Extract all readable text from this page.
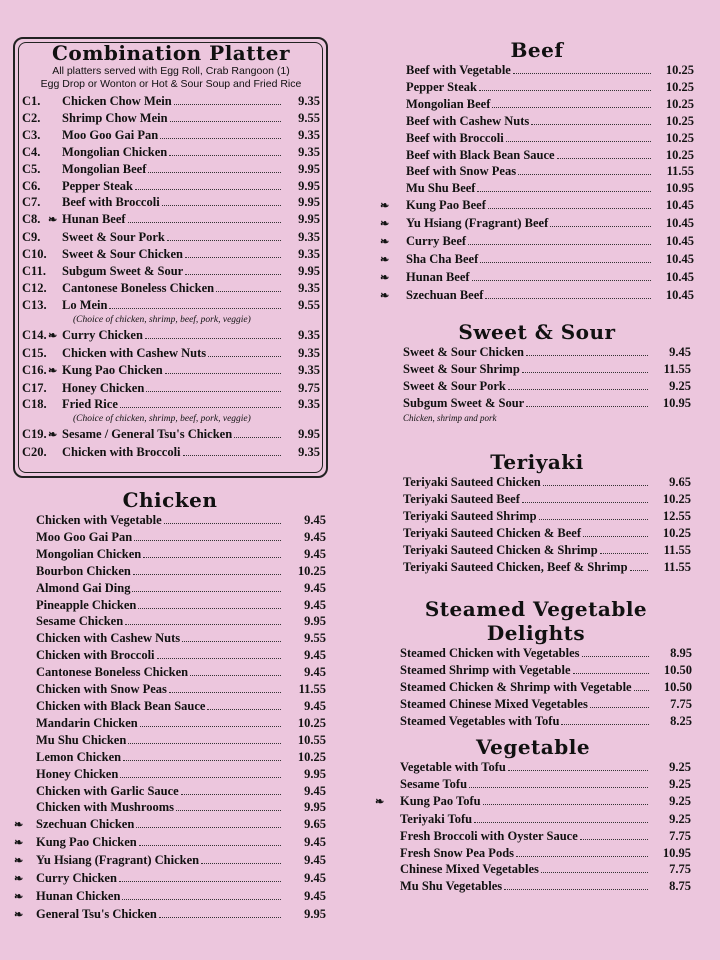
Combination Platter
All platters served with Egg Roll, Crab Rangoon (1)
Egg Drop or Wonton or Hot & Sour Soup and Fried Rice
C1.	Chicken Chow Mein	9.35
C2.	Shrimp Chow Mein	9.55
C3.	Moo Goo Gai Pan	9.35
C4.	Mongolian Chicken	9.35
C5.	Mongolian Beef	9.95
C6.	Pepper Steak	9.95
C7.	Beef with Broccoli	9.95
C8. ❧ Hunan Beef	9.95
C9.	Sweet & Sour Pork	9.35
C10.	Sweet & Sour Chicken	9.35
C11.	Subgum Sweet & Sour	9.95
C12.	Cantonese Boneless Chicken	9.35
C13.	Lo Mein	9.55
(Choice of chicken, shrimp, beef, pork, veggie)
C14. ❧ Curry Chicken	9.35
C15.	Chicken with Cashew Nuts	9.35
C16. ❧ Kung Pao Chicken	9.35
C17.	Honey Chicken	9.75
C18.	Fried Rice	9.35
(Choice of chicken, shrimp, beef, pork, veggie)
C19. ❧ Sesame / General Tsu's Chicken	9.95
C20.	Chicken with Broccoli	9.35
Chicken
Chicken with Vegetable	9.45
Moo Goo Gai Pan	9.45
Mongolian Chicken	9.45
Bourbon Chicken	10.25
Almond Gai Ding	9.45
Pineapple Chicken	9.45
Sesame Chicken	9.95
Chicken with Cashew Nuts	9.55
Chicken with Broccoli	9.45
Cantonese Boneless Chicken	9.45
Chicken with Snow Peas	11.55
Chicken with Black Bean Sauce	9.45
Mandarin Chicken	10.25
Mu Shu Chicken	10.55
Lemon Chicken	10.25
Honey Chicken	9.95
Chicken with Garlic Sauce	9.45
Chicken with Mushrooms	9.95
❧	Szechuan Chicken	9.65
❧	Kung Pao Chicken	9.45
❧	Yu Hsiang (Fragrant) Chicken	9.45
❧	Curry Chicken	9.45
❧	Hunan Chicken	9.45
❧	General Tsu's Chicken	9.95
Beef
Beef with Vegetable	10.25
Pepper Steak	10.25
Mongolian Beef	10.25
Beef with Cashew Nuts	10.25
Beef with Broccoli	10.25
Beef with Black Bean Sauce	10.25
Beef with Snow Peas	11.55
Mu Shu Beef	10.95
❧	Kung Pao Beef	10.45
❧	Yu Hsiang (Fragrant) Beef	10.45
❧	Curry Beef	10.45
❧	Sha Cha Beef	10.45
❧	Hunan Beef	10.45
❧	Szechuan Beef	10.45
Sweet & Sour
Sweet & Sour Chicken	9.45
Sweet & Sour Shrimp	11.55
Sweet & Sour Pork	9.25
Subgum Sweet & Sour	10.95
Chicken, shrimp and pork
Teriyaki
Teriyaki Sauteed Chicken	9.65
Teriyaki Sauteed Beef	10.25
Teriyaki Sauteed Shrimp	12.55
Teriyaki Sauteed Chicken & Beef	10.25
Teriyaki Sauteed Chicken & Shrimp	11.55
Teriyaki Sauteed Chicken, Beef & Shrimp	11.55
Steamed Vegetable Delights
Steamed Chicken with Vegetables	8.95
Steamed Shrimp with Vegetable	10.50
Steamed Chicken & Shrimp with Vegetable	10.50
Steamed Chinese Mixed Vegetables	7.75
Steamed Vegetables with Tofu	8.25
Vegetable
Vegetable with Tofu	9.25
Sesame Tofu	9.25
❧	Kung Pao Tofu	9.25
Teriyaki Tofu	9.25
Fresh Broccoli with Oyster Sauce	7.75
Fresh Snow Pea Pods	10.95
Chinese Mixed Vegetables	7.75
Mu Shu Vegetables	8.75
